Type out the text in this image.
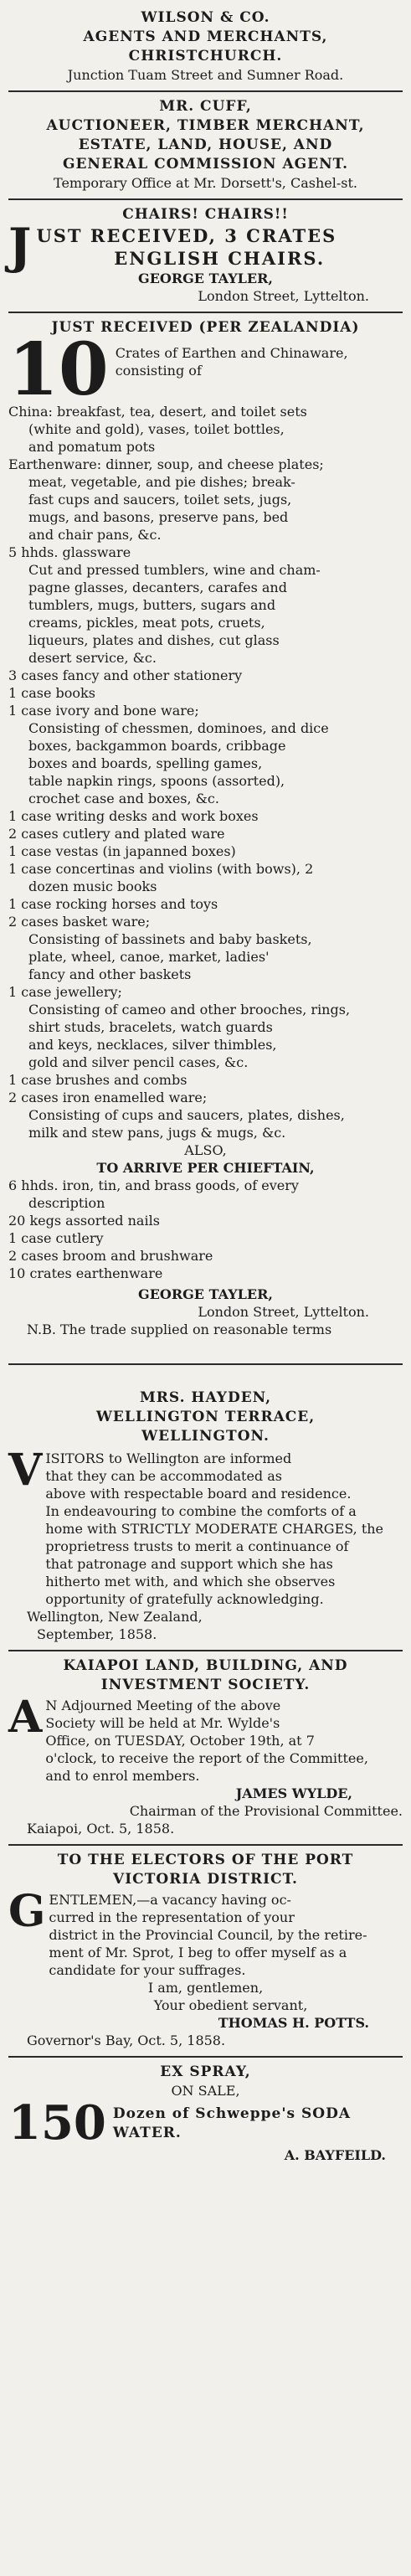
WILSON & CO.
AGENTS AND MERCHANTS,
CHRISTCHURCH.
Junction Tuam Street and Sumner Road.
MR. CUFF,
AUCTIONEER, TIMBER MERCHANT,
ESTATE, LAND, HOUSE, AND
GENERAL COMMISSION AGENT.
Temporary Office at Mr. Dorsett's, Cashel-st.
CHAIRS! CHAIRS!!
J UST RECEIVED, 3 CRATES
ENGLISH CHAIRS.
GEORGE TAYLER,
London Street, Lyttelton.
JUST RECEIVED (PER ZEALANDIA)
10 Crates of Earthen and Chinaware,
consisting of
China: breakfast, tea, desert, and toilet sets
(white and gold), vases, toilet bottles,
and pomatum pots
Earthenware: dinner, soup, and cheese plates;
meat, vegetable, and pie dishes; break-
fast cups and saucers, toilet sets, jugs,
mugs, and basons, preserve pans, bed
and chair pans, &c.
5 hhds. glassware
Cut and pressed tumblers, wine and cham-
pagne glasses, decanters, carafes and
tumblers, mugs, butters, sugars and
creams, pickles, meat pots, cruets,
liqueurs, plates and dishes, cut glass
desert service, &c.
3 cases fancy and other stationery
1 case books
1 case ivory and bone ware;
Consisting of chessmen, dominoes, and dice
boxes, backgammon boards, cribbage
boxes and boards, spelling games,
table napkin rings, spoons (assorted),
crochet case and boxes, &c.
1 case writing desks and work boxes
2 cases cutlery and plated ware
1 case vestas (in japanned boxes)
1 case concertinas and violins (with bows), 2
dozen music books
1 case rocking horses and toys
2 cases basket ware;
Consisting of bassinets and baby baskets,
plate, wheel, canoe, market, ladies'
fancy and other baskets
1 case jewellery;
Consisting of cameo and other brooches, rings,
shirt studs, bracelets, watch guards
and keys, necklaces, silver thimbles,
gold and silver pencil cases, &c.
1 case brushes and combs
2 cases iron enamelled ware;
Consisting of cups and saucers, plates, dishes,
milk and stew pans, jugs & mugs, &c.
ALSO,
TO ARRIVE PER CHIEFTAIN,
6 hhds. iron, tin, and brass goods, of every
description
20 kegs assorted nails
1 case cutlery
2 cases broom and brushware
10 crates earthenware
GEORGE TAYLER,
London Street, Lyttelton.
N.B. The trade supplied on reasonable terms
MRS. HAYDEN,
WELLINGTON TERRACE,
WELLINGTON.
V ISITORS to Wellington are informed
that they can be accommodated as
above with respectable board and residence.
In endeavouring to combine the comforts of a
home with STRICTLY MODERATE CHARGES, the
proprietress trusts to merit a continuance of
that patronage and support which she has
hitherto met with, and which she observes
opportunity of gratefully acknowledging.
Wellington, New Zealand,
September, 1858.
KAIAPOI LAND, BUILDING, AND
INVESTMENT SOCIETY.
A N Adjourned Meeting of the above
Society will be held at Mr. Wylde's
Office, on TUESDAY, October 19th, at 7
o'clock, to receive the report of the Committee,
and to enrol members.
JAMES WYLDE,
Chairman of the Provisional Committee.
Kaiapoi, Oct. 5, 1858.
TO THE ELECTORS OF THE PORT
VICTORIA DISTRICT.
G ENTLEMEN,—a vacancy having oc-
curred in the representation of your
district in the Provincial Council, by the retire-
ment of Mr. Sprot, I beg to offer myself as a
candidate for your suffrages.
I am, gentlemen,
Your obedient servant,
THOMAS H. POTTS.
Governor's Bay, Oct. 5, 1858.
EX SPRAY,
ON SALE,
150 Dozen of Schweppe's SODA
WATER.
A. BAYFEILD.
